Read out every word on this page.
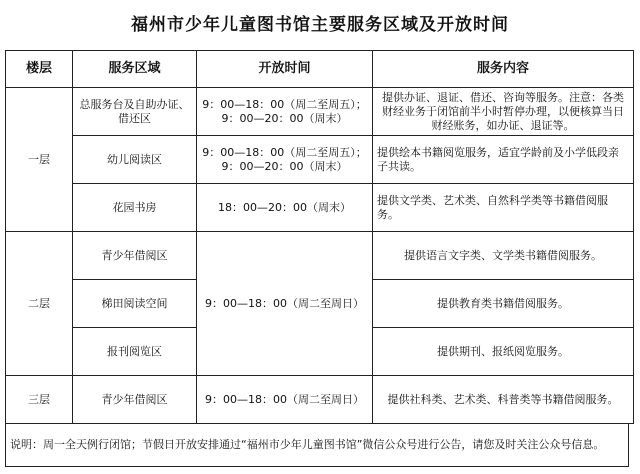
福州市少年儿童图书馆主要服务区域及开放时间
楼层	服务区域	开放时间	服务内容
一层	总服务台及自助办证、借还区	9：00—18：00（周二至周五）；9：00—20：00（周末）	提供办证、退证、借还、咨询等服务。注意：各类财经业务于闭馆前半小时暂停办理，以便核算当日财经账务，如办证、退证等。
	幼儿阅读区	9：00—18：00（周二至周五）；9：00—20：00（周末）	提供绘本书籍阅览服务，适宜学龄前及小学低段亲子共读。
	花园书房	18：00—20：00（周末）	提供文学类、艺术类、自然科学类等书籍借阅服务。
二层	青少年借阅区	9：00—18：00（周二至周日）	提供语言文字类、文学类书籍借阅服务。
	梯田阅读空间		提供教育类书籍借阅服务。
	报刊阅览区		提供期刊、报纸阅览服务。
三层	青少年借阅区	9：00—18：00（周二至周日）	提供社科类、艺术类、科普类等书籍借阅服务。
说明：周一全天例行闭馆；节假日开放安排通过“福州市少年儿童图书馆”微信公众号进行公告，请您及时关注公众号信息。
